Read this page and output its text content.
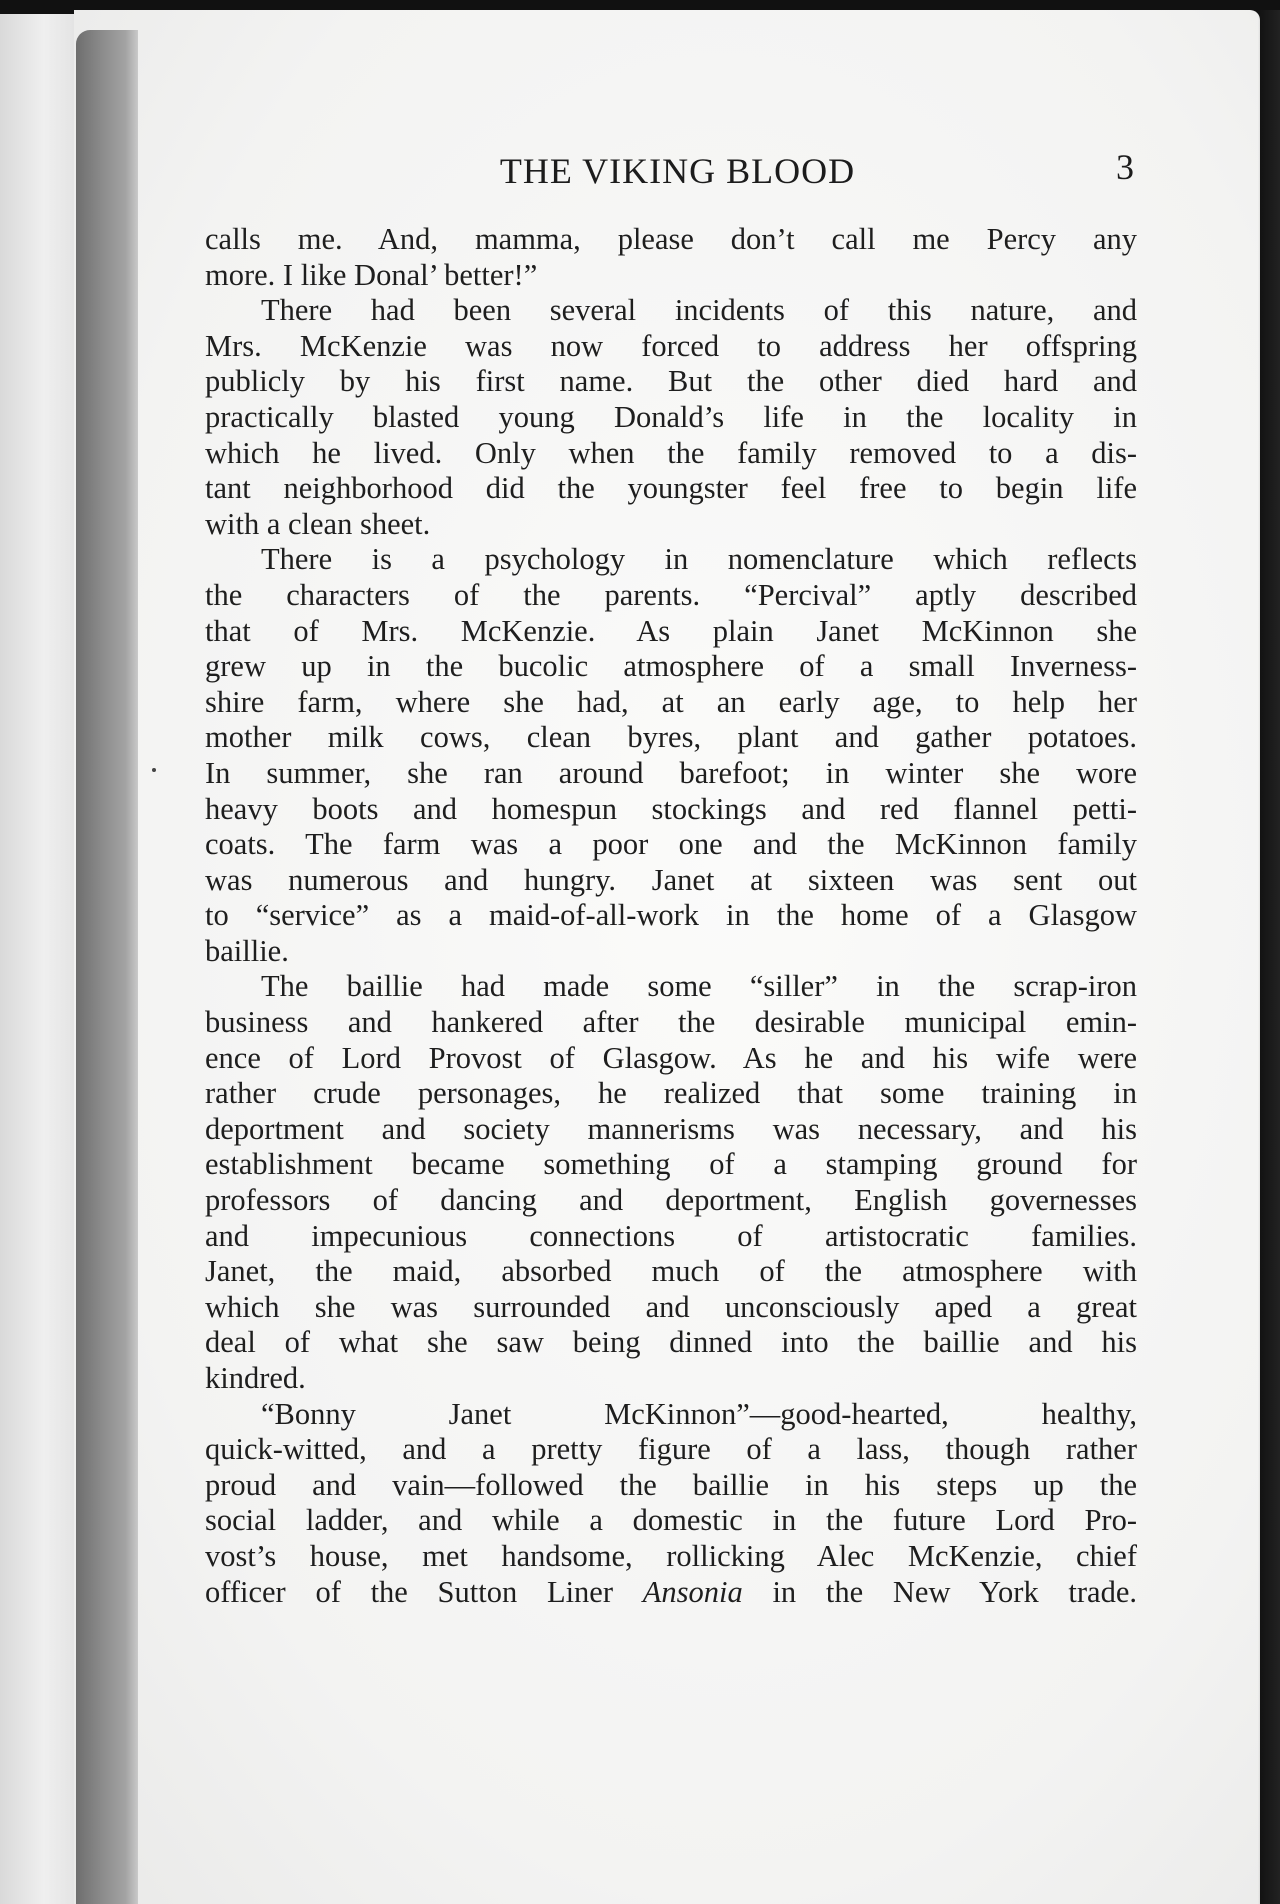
THE VIKING BLOOD	3
calls me. And, mamma, please don’t call me Percy any
more. I like Donal’ better!”
There had been several incidents of this nature, and
Mrs. McKenzie was now forced to address her offspring
publicly by his first name. But the other died hard and
practically blasted young Donald’s life in the locality in
which he lived. Only when the family removed to a dis-
tant neighborhood did the youngster feel free to begin life
with a clean sheet.
There is a psychology in nomenclature which reflects
the characters of the parents. “Percival” aptly described
that of Mrs. McKenzie. As plain Janet McKinnon she
grew up in the bucolic atmosphere of a small Inverness-
shire farm, where she had, at an early age, to help her
mother milk cows, clean byres, plant and gather potatoes.
In summer, she ran around barefoot; in winter she wore
heavy boots and homespun stockings and red flannel petti-
coats. The farm was a poor one and the McKinnon family
was numerous and hungry. Janet at sixteen was sent out
to “service” as a maid-of-all-work in the home of a Glasgow
baillie.
The baillie had made some “siller” in the scrap-iron
business and hankered after the desirable municipal emin-
ence of Lord Provost of Glasgow. As he and his wife were
rather crude personages, he realized that some training in
deportment and society mannerisms was necessary, and his
establishment became something of a stamping ground for
professors of dancing and deportment, English governesses
and impecunious connections of artistocratic families.
Janet, the maid, absorbed much of the atmosphere with
which she was surrounded and unconsciously aped a great
deal of what she saw being dinned into the baillie and his
kindred.
“Bonny Janet McKinnon”—good-hearted, healthy,
quick-witted, and a pretty figure of a lass, though rather
proud and vain—followed the baillie in his steps up the
social ladder, and while a domestic in the future Lord Pro-
vost’s house, met handsome, rollicking Alec McKenzie, chief
officer of the Sutton Liner Ansonia in the New York trade.
